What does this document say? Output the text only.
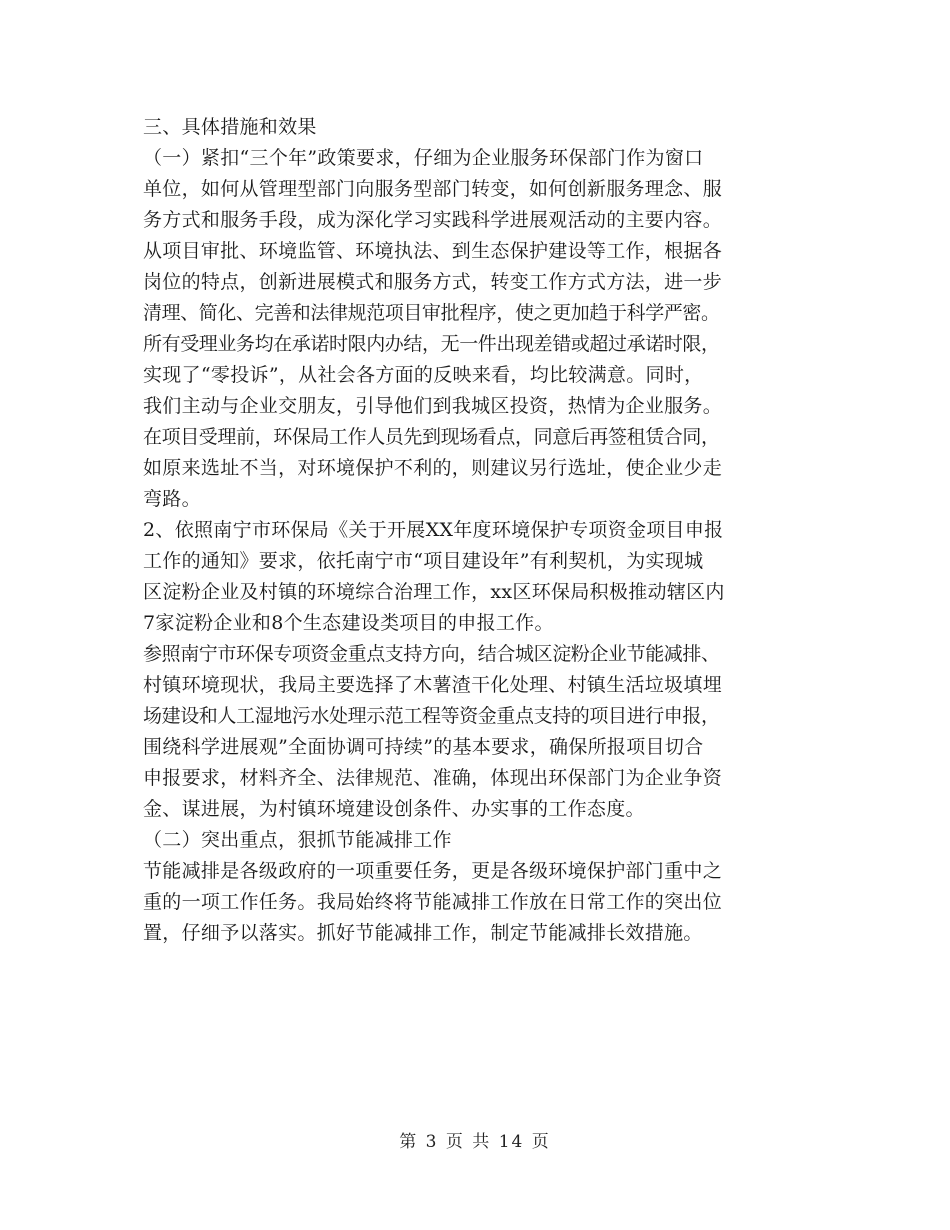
三、具体措施和效果
（一）紧扣“三个年”政策要求，仔细为企业服务环保部门作为窗口
单位，如何从管理型部门向服务型部门转变，如何创新服务理念、服
务方式和服务手段，成为深化学习实践科学进展观活动的主要内容。
从项目审批、环境监管、环境执法、到生态保护建设等工作，根据各
岗位的特点，创新进展模式和服务方式，转变工作方式方法，进一步
清理、简化、完善和法律规范项目审批程序，使之更加趋于科学严密。
所有受理业务均在承诺时限内办结，无一件出现差错或超过承诺时限，
实现了“零投诉”，从社会各方面的反映来看，均比较满意。同时，
我们主动与企业交朋友，引导他们到我城区投资，热情为企业服务。
在项目受理前，环保局工作人员先到现场看点，同意后再签租赁合同，
如原来选址不当，对环境保护不利的，则建议另行选址，使企业少走
弯路。
2、依照南宁市环保局《关于开展XX年度环境保护专项资金项目申报
工作的通知》要求，依托南宁市“项目建设年”有利契机，为实现城
区淀粉企业及村镇的环境综合治理工作，xx区环保局积极推动辖区内
7家淀粉企业和8个生态建设类项目的申报工作。
参照南宁市环保专项资金重点支持方向，结合城区淀粉企业节能减排、
村镇环境现状，我局主要选择了木薯渣干化处理、村镇生活垃圾填埋
场建设和人工湿地污水处理示范工程等资金重点支持的项目进行申报，
围绕科学进展观”全面协调可持续”的基本要求，确保所报项目切合
申报要求，材料齐全、法律规范、准确，体现出环保部门为企业争资
金、谋进展，为村镇环境建设创条件、办实事的工作态度。
（二）突出重点，狠抓节能减排工作
节能减排是各级政府的一项重要任务，更是各级环境保护部门重中之
重的一项工作任务。我局始终将节能减排工作放在日常工作的突出位
置，仔细予以落实。抓好节能减排工作，制定节能减排长效措施。
第 3 页 共 14 页
